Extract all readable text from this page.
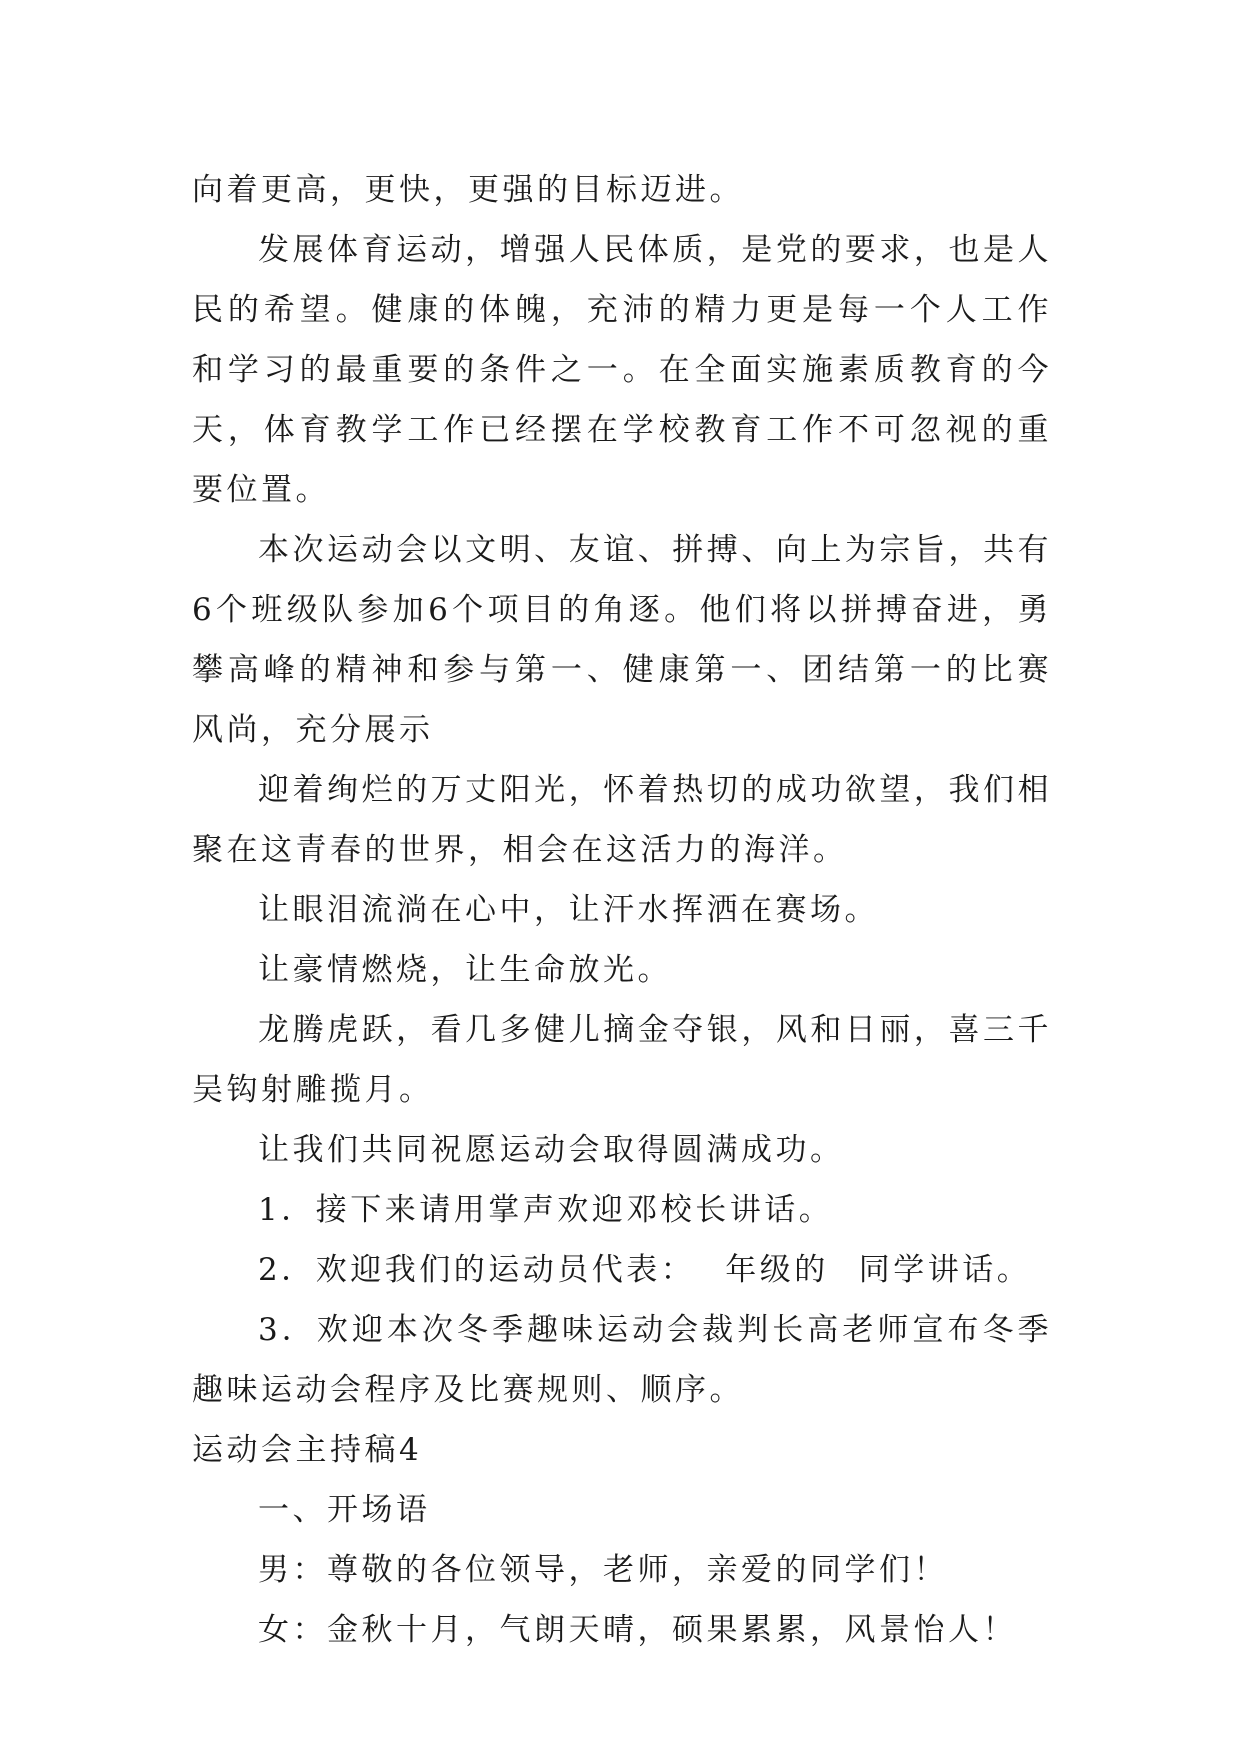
向着更高，更快，更强的目标迈进。

发展体育运动，增强人民体质，是党的要求，也是人民的希望。健康的体魄，充沛的精力更是每一个人工作和学习的最重要的条件之一。在全面实施素质教育的今天，体育教学工作已经摆在学校教育工作不可忽视的重要位置。

本次运动会以文明、友谊、拼搏、向上为宗旨，共有6个班级队参加6个项目的角逐。他们将以拼搏奋进，勇攀高峰的精神和参与第一、健康第一、团结第一的比赛风尚，充分展示

迎着绚烂的万丈阳光，怀着热切的成功欲望，我们相聚在这青春的世界，相会在这活力的海洋。

让眼泪流淌在心中，让汗水挥洒在赛场。

让豪情燃烧，让生命放光。

龙腾虎跃，看几多健儿摘金夺银，风和日丽，喜三千吴钩射雕揽月。

让我们共同祝愿运动会取得圆满成功。

1．接下来请用掌声欢迎邓校长讲话。

2．欢迎我们的运动员代表： 年级的 同学讲话。

3．欢迎本次冬季趣味运动会裁判长高老师宣布冬季趣味运动会程序及比赛规则、顺序。

运动会主持稿4

一、开场语

男：尊敬的各位领导，老师，亲爱的同学们！

女：金秋十月，气朗天晴，硕果累累，风景怡人！
